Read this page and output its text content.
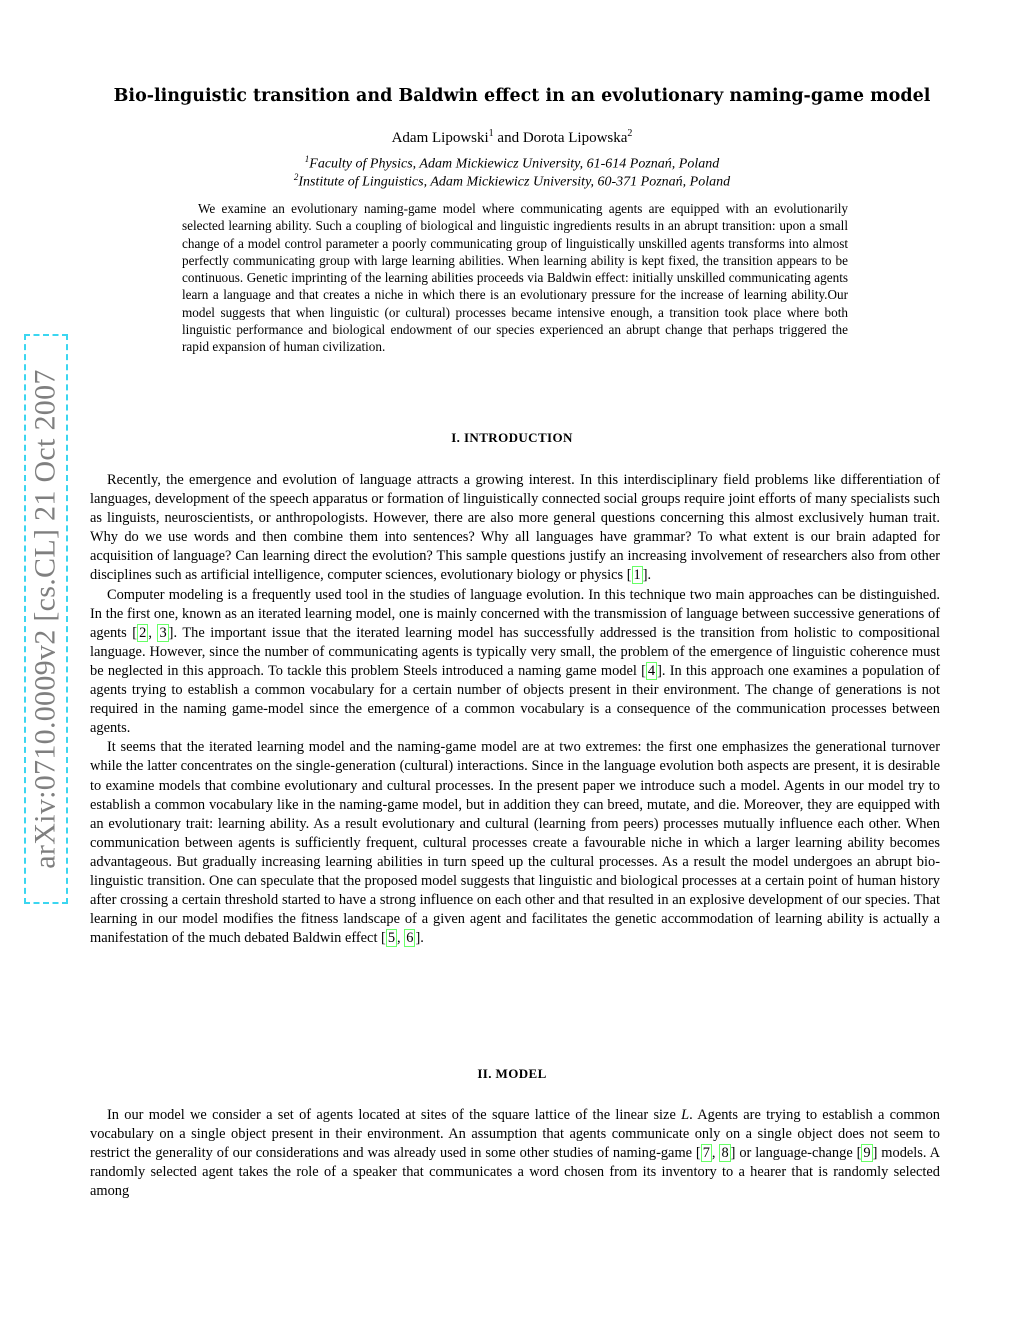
arXiv:0710.0009v2 [cs.CL] 21 Oct 2007
Bio-linguistic transition and Baldwin effect in an evolutionary naming-game model
Adam Lipowski$^1$ and Dorota Lipowska$^2$
$^1$Faculty of Physics, Adam Mickiewicz University, 61-614 Poznań, Poland
$^2$Institute of Linguistics, Adam Mickiewicz University, 60-371 Poznań, Poland
We examine an evolutionary naming-game model where communicating agents are equipped with an evolutionarily selected learning ability. Such a coupling of biological and linguistic ingredients results in an abrupt transition: upon a small change of a model control parameter a poorly communicating group of linguistically unskilled agents transforms into almost perfectly communicating group with large learning abilities. When learning ability is kept fixed, the transition appears to be continuous. Genetic imprinting of the learning abilities proceeds via Baldwin effect: initially unskilled communicating agents learn a language and that creates a niche in which there is an evolutionary pressure for the increase of learning ability.Our model suggests that when linguistic (or cultural) processes became intensive enough, a transition took place where both linguistic performance and biological endowment of our species experienced an abrupt change that perhaps triggered the rapid expansion of human civilization.
I. INTRODUCTION

Recently, the emergence and evolution of language attracts a growing interest. In this interdisciplinary field problems like differentiation of languages, development of the speech apparatus or formation of linguistically connected social groups require joint efforts of many specialists such as linguists, neuroscientists, or anthropologists. However, there are also more general questions concerning this almost exclusively human trait. Why do we use words and then combine them into sentences? Why all languages have grammar? To what extent is our brain adapted for acquisition of language? Can learning direct the evolution? This sample questions justify an increasing involvement of researchers also from other disciplines such as artificial intelligence, computer sciences, evolutionary biology or physics [ 1 ].

Computer modeling is a frequently used tool in the studies of language evolution. In this technique two main approaches can be distinguished. In the first one, known as an iterated learning model, one is mainly concerned with the transmission of language between successive generations of agents [ 2 , 3 ]. The important issue that the iterated learning model has successfully addressed is the transition from holistic to compositional language. However, since the number of communicating agents is typically very small, the problem of the emergence of linguistic coherence must be neglected in this approach. To tackle this problem Steels introduced a naming game model [ 4 ]. In this approach one examines a population of agents trying to establish a common vocabulary for a certain number of objects present in their environment. The change of generations is not required in the naming game-model since the emergence of a common vocabulary is a consequence of the communication processes between agents.

It seems that the iterated learning model and the naming-game model are at two extremes: the first one emphasizes the generational turnover while the latter concentrates on the single-generation (cultural) interactions. Since in the language evolution both aspects are present, it is desirable to examine models that combine evolutionary and cultural processes. In the present paper we introduce such a model. Agents in our model try to establish a common vocabulary like in the naming-game model, but in addition they can breed, mutate, and die. Moreover, they are equipped with an evolutionary trait: learning ability. As a result evolutionary and cultural (learning from peers) processes mutually influence each other. When communication between agents is sufficiently frequent, cultural processes create a favourable niche in which a larger learning ability becomes advantageous. But gradually increasing learning abilities in turn speed up the cultural processes. As a result the model undergoes an abrupt bio-linguistic transition. One can speculate that the proposed model suggests that linguistic and biological processes at a certain point of human history after crossing a certain threshold started to have a strong influence on each other and that resulted in an explosive development of our species. That learning in our model modifies the fitness landscape of a given agent and facilitates the genetic accommodation of learning ability is actually a manifestation of the much debated Baldwin effect [ 5 , 6 ].

II. MODEL

In our model we consider a set of agents located at sites of the square lattice of the linear size L. Agents are trying to establish a common vocabulary on a single object present in their environment. An assumption that agents communicate only on a single object does not seem to restrict the generality of our considerations and was already used in some other studies of naming-game [ 7 , 8 ] or language-change [ 9 ] models. A randomly selected agent takes the role of a speaker that communicates a word chosen from its inventory to a hearer that is randomly selected among
